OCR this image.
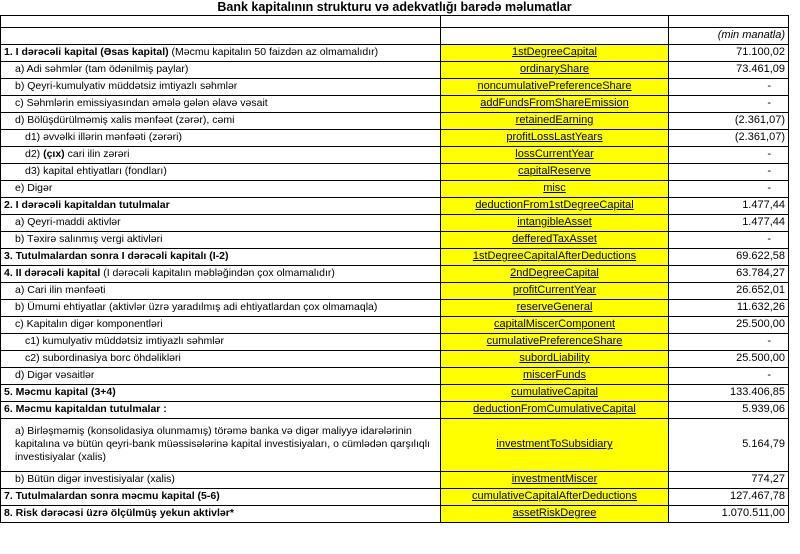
Bank kapitalının strukturu və adekvatlığı barədə məlumatlar		

		(min manatla)
1. I dərəcəli kapital (Əsas kapital) (Məcmu kapitalın 50 faizdən az olmamalıdır)	1stDegreeCapital	71.100,02
a) Adi səhmlər (tam ödənilmiş paylar)	ordinaryShare	73.461,09
b) Qeyri-kumulyativ müddətsiz imtiyazlı səhmlər	noncumulativePreferenceShare	-
c) Səhmlərin emissiyasından əmələ gələn əlavə vəsait	addFundsFromShareEmission	-
d) Bölüşdürülməmiş xalis mənfəət (zərər), cəmi	retainedEarning	(2.361,07)
d1) əvvəlki illərin mənfəəti (zərəri)	profitLossLastYears	(2.361,07)
d2) (çıx) cari ilin zərəri	lossCurrentYear	-
d3) kapital ehtiyatları (fondları)	capitalReserve	-
e) Digər	misc	-
2. I dərəcəli kapitaldan tutulmalar	deductionFrom1stDegreeCapital	1.477,44
a) Qeyri-maddi aktivlər	intangibleAsset	1.477,44
b) Təxirə salınmış vergi aktivləri	defferedTaxAsset	-
3. Tutulmalardan sonra I dərəcəli kapitalı (I-2)	1stDegreeCapitalAfterDeductions	69.622,58
4. II dərəcəli kapital (I dərəcəli kapitalın məbləğindən çox olmamalıdır)	2ndDegreeCapital	63.784,27
a) Cari ilin mənfəəti	profitCurrentYear	26.652,01
b) Ümumi ehtiyatlar (aktivlər üzrə yaradılmış adi ehtiyatlardan çox olmamaqla)	reserveGeneral	11.632,26
c) Kapitalın digər komponentləri	capitalMiscerComponent	25.500,00
c1) kumulyativ müddətsiz imtiyazlı səhmlər	cumulativePreferenceShare	-
c2) subordinasiya borc öhdəlikləri	subordLiability	25.500,00
d) Digər vəsaitlər	miscerFunds	-
5. Məcmu kapital (3+4)	cumulativeCapital	133.406,85
6. Məcmu kapitaldan tutulmalar :	deductionFromCumulativeCapital	5.939,06
a) Birləşməmiş (konsolidasiya olunmamış) törəmə banka və digər maliyyə idarələrinin kapitalına və bütün qeyri-bank müəssisələrinə kapital investisiyaları, o cümlədən qarşılıqlı investisiyalar (xalis)	investmentToSubsidiary	5.164,79
b) Bütün digər investisiyalar (xalis)	investmentMiscer	774,27
7. Tutulmalardan sonra məcmu kapital (5-6)	cumulativeCapitalAfterDeductions	127.467,78
8. Risk dərəcəsi üzrə ölçülmüş yekun aktivlər*	assetRiskDegree	1.070.511,00
